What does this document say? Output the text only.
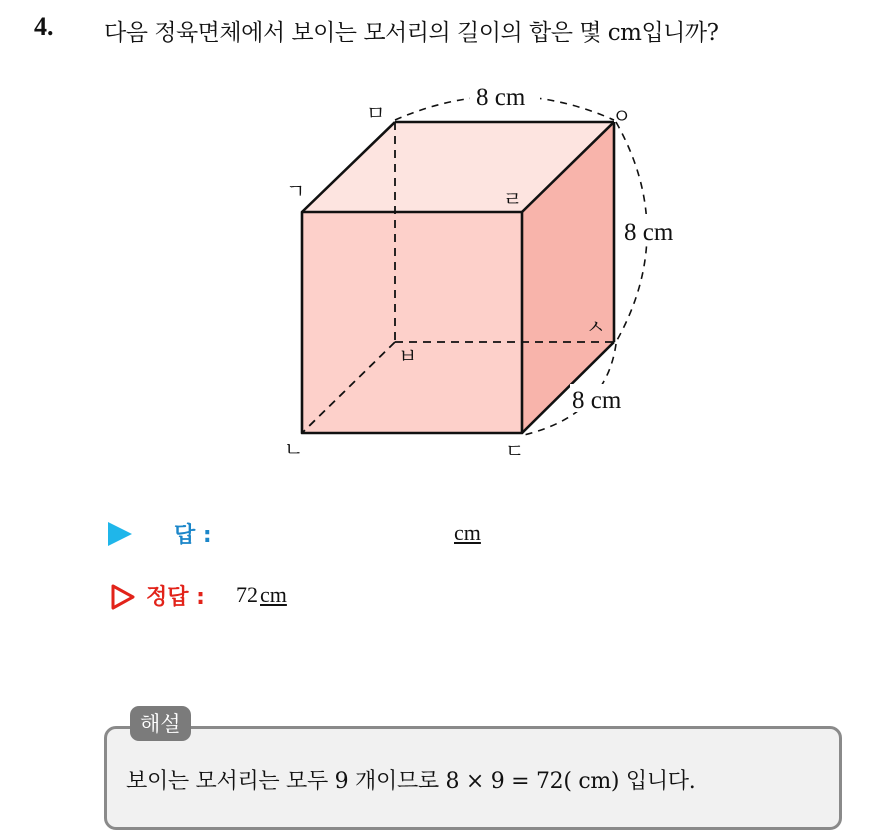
4. 다음 정육면체에서 보이는 모서리의 길이의 합은 몇 cm입니까?
8 cm
8 cm
8 cm
ㅁ	ㅇ
ㄱ	ㄹ
ㅂ
ㅅ
ㄴ	ㄷ
답 :	cm
정답 : 72cm
해설
보이는 모서리는 모두 9 개이므로 8 × 9 = 72( cm) 입니다.
